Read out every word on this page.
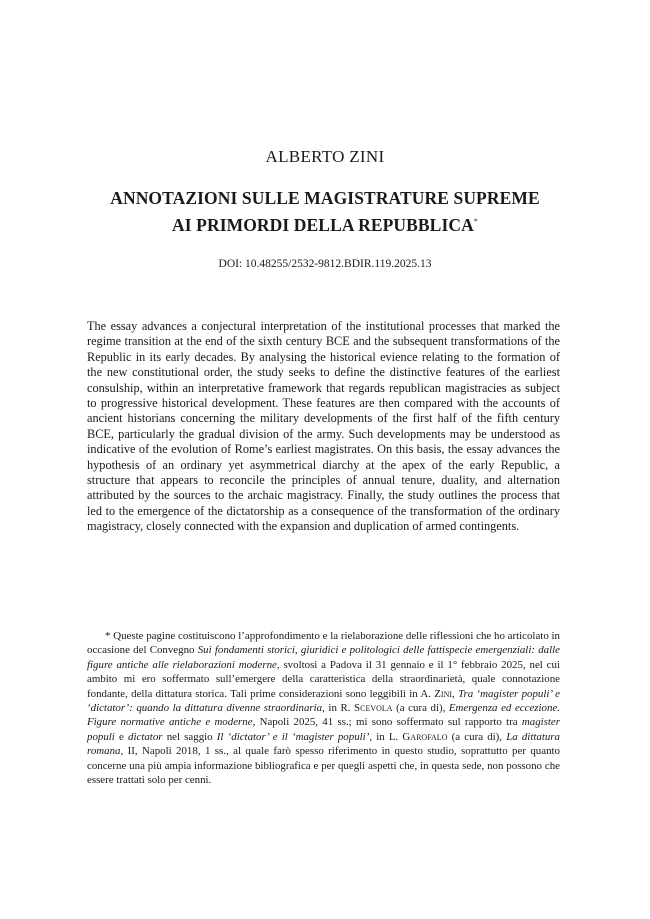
ALBERTO ZINI
ANNOTAZIONI SULLE MAGISTRATURE SUPREME
AI PRIMORDI DELLA REPUBBLICA*
DOI: 10.48255/2532-9812.BDIR.119.2025.13
The essay advances a conjectural interpretation of the institutional processes that marked the regime transition at the end of the sixth century BCE and the subsequent transformations of the Republic in its early decades. By analysing the historical evience relating to the formation of the new constitutional order, the study seeks to define the distinctive features of the earliest consulship, within an interpretative framework that regards republican magistracies as subject to progressive historical development. These features are then compared with the accounts of ancient historians concerning the military developments of the first half of the fifth century BCE, particularly the gradual division of the army. Such developments may be understood as indicative of the evolution of Rome’s earliest magistrates. On this basis, the essay advances the hypothesis of an ordinary yet asymmetrical diarchy at the apex of the early Republic, a structure that appears to reconcile the principles of annual tenure, duality, and alternation attributed by the sources to the archaic magistracy. Finally, the study outlines the process that led to the emergence of the dictatorship as a consequence of the transformation of the ordinary magistracy, closely connected with the expansion and duplication of armed contingents.
* Queste pagine costituiscono l’approfondimento e la rielaborazione delle riflessioni che ho articolato in occasione del Convegno Sui fondamenti storici, giuridici e politologici delle fattispecie emergenziali: dalle figure antiche alle rielaborazioni moderne, svoltosi a Padova il 31 gennaio e il 1° febbraio 2025, nel cui ambito mi ero soffermato sull’emergere della caratteristica della straordinarietà, quale connotazione fondante, della dittatura storica. Tali prime considerazioni sono leggibili in A. Zini, Tra ‘magister populi’ e ‘dictator’: quando la dittatura divenne straordinaria, in R. Scevola (a cura di), Emergenza ed eccezione. Figure normative antiche e moderne, Napoli 2025, 41 ss.; mi sono soffermato sul rapporto tra magister populi e dictator nel saggio Il ‘dictator’ e il ‘magister populi’, in L. Garofalo (a cura di), La dittatura romana, II, Napoli 2018, 1 ss., al quale farò spesso riferimento in questo studio, soprattutto per quanto concerne una più ampia informazione bibliografica e per quegli aspetti che, in questa sede, non possono che essere trattati solo per cenni.
